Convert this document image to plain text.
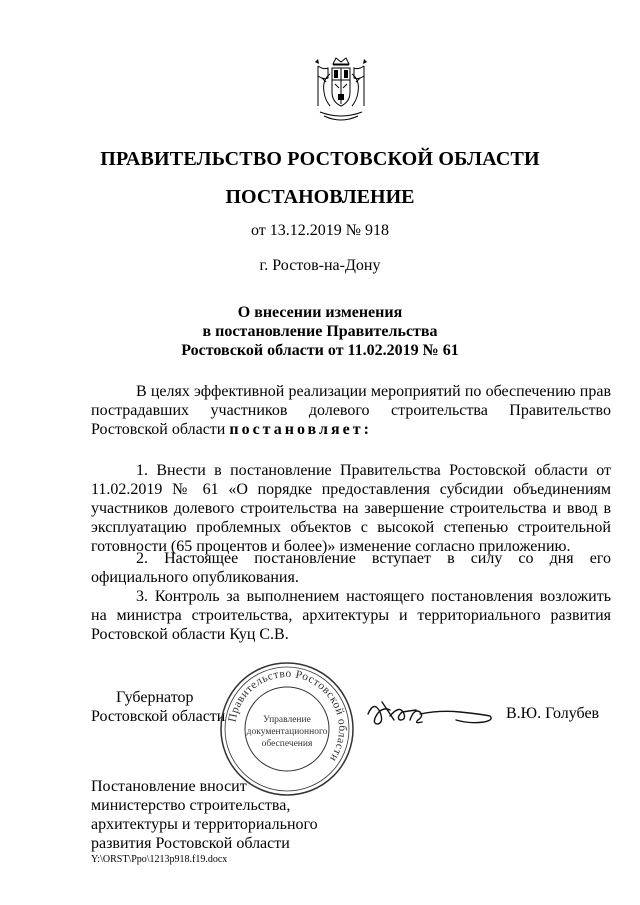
ПРАВИТЕЛЬСТВО РОСТОВСКОЙ ОБЛАСТИ
ПОСТАНОВЛЕНИЕ
от 13.12.2019 № 918
г. Ростов-на-Дону
О внесении изменения
в постановление Правительства
Ростовской области от 11.02.2019 № 61
В целях эффективной реализации мероприятий по обеспечению прав пострадавших участников долевого строительства Правительство Ростовской области постановляет:
1. Внести в постановление Правительства Ростовской области от 11.02.2019 № 61 «О порядке предоставления субсидии объединениям участников долевого строительства на завершение строительства и ввод в эксплуатацию проблемных объектов с высокой степенью строительной готовности (65 процентов и более)» изменение согласно приложению.
2. Настоящее постановление вступает в силу со дня его официального опубликования.
3. Контроль за выполнением настоящего постановления возложить на министра строительства, архитектуры и территориального развития Ростовской области Куц С.В.
Губернатор
Ростовской области Правительство Ростовской области
Управление
документационного
обеспечения
В.Ю. Голубев
Постановление вносит
министерство строительства,
архитектуры и территориального
развития Ростовской области
Y:\ORST\Ppo\1213p918.f19.docx
